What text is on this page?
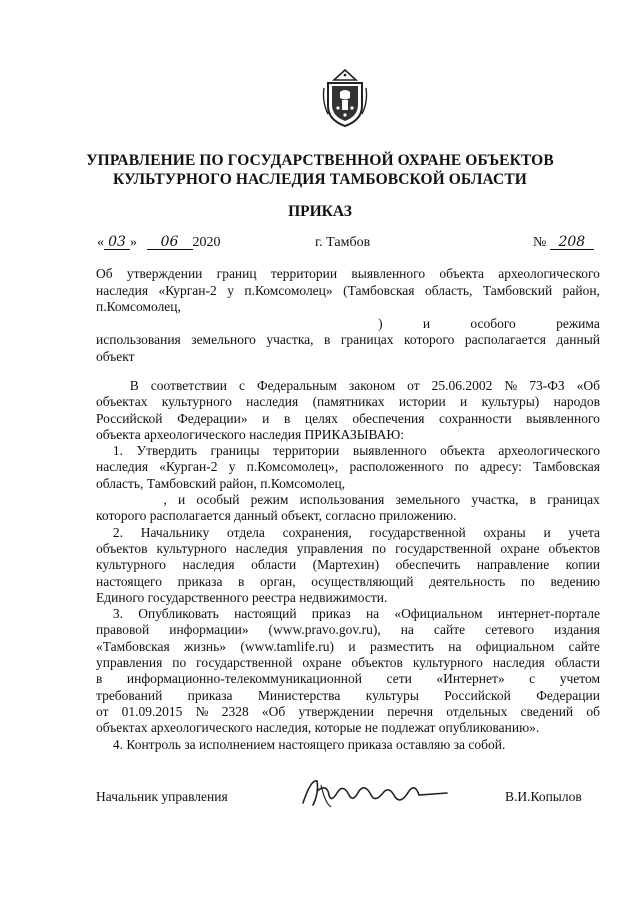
УПРАВЛЕНИЕ ПО ГОСУДАРСТВЕННОЙ ОХРАНЕ ОБЪЕКТОВ
КУЛЬТУРНОГО НАСЛЕДИЯ ТАМБОВСКОЙ ОБЛАСТИ
ПРИКАЗ
« 03 » 06 2020	г. Тамбов	№ 208
Об утверждении границ территории выявленного объекта археологического
наследия «Курган-2 у п.Комсомолец» (Тамбовская область, Тамбовский район,
п.Комсомолец,
)	и	особого	режима
использования земельного участка, в границах которого располагается данный
объект
В соответствии с Федеральным законом от 25.06.2002 № 73-ФЗ «Об
объектах культурного наследия (памятниках истории и культуры) народов
Российской Федерации» и в целях обеспечения сохранности выявленного
объекта археологического наследия ПРИКАЗЫВАЮ:
1. Утвердить границы территории выявленного объекта археологического
наследия «Курган-2 у п.Комсомолец», расположенного по адресу: Тамбовская
область, Тамбовский район, п.Комсомолец,
, и особый режим использования земельного участка, в границах
которого располагается данный объект, согласно приложению.
2. Начальнику отдела сохранения, государственной охраны и учета
объектов культурного наследия управления по государственной охране объектов
культурного наследия области (Мартехин) обеспечить направление копии
настоящего приказа в орган, осуществляющий деятельность по ведению
Единого государственного реестра недвижимости.
3. Опубликовать настоящий приказ на «Официальном интернет-портале
правовой информации» (www.pravo.gov.ru), на сайте сетевого издания
«Тамбовская жизнь» (www.tamlife.ru) и разместить на официальном сайте
управления по государственной охране объектов культурного наследия области
в информационно-телекоммуникационной сети «Интернет» с учетом
требований приказа Министерства культуры Российской Федерации
от 01.09.2015 № 2328 «Об утверждении перечня отдельных сведений об
объектах археологического наследия, которые не подлежат опубликованию».
4. Контроль за исполнением настоящего приказа оставляю за собой.
Начальник управления	В.И.Копылов
